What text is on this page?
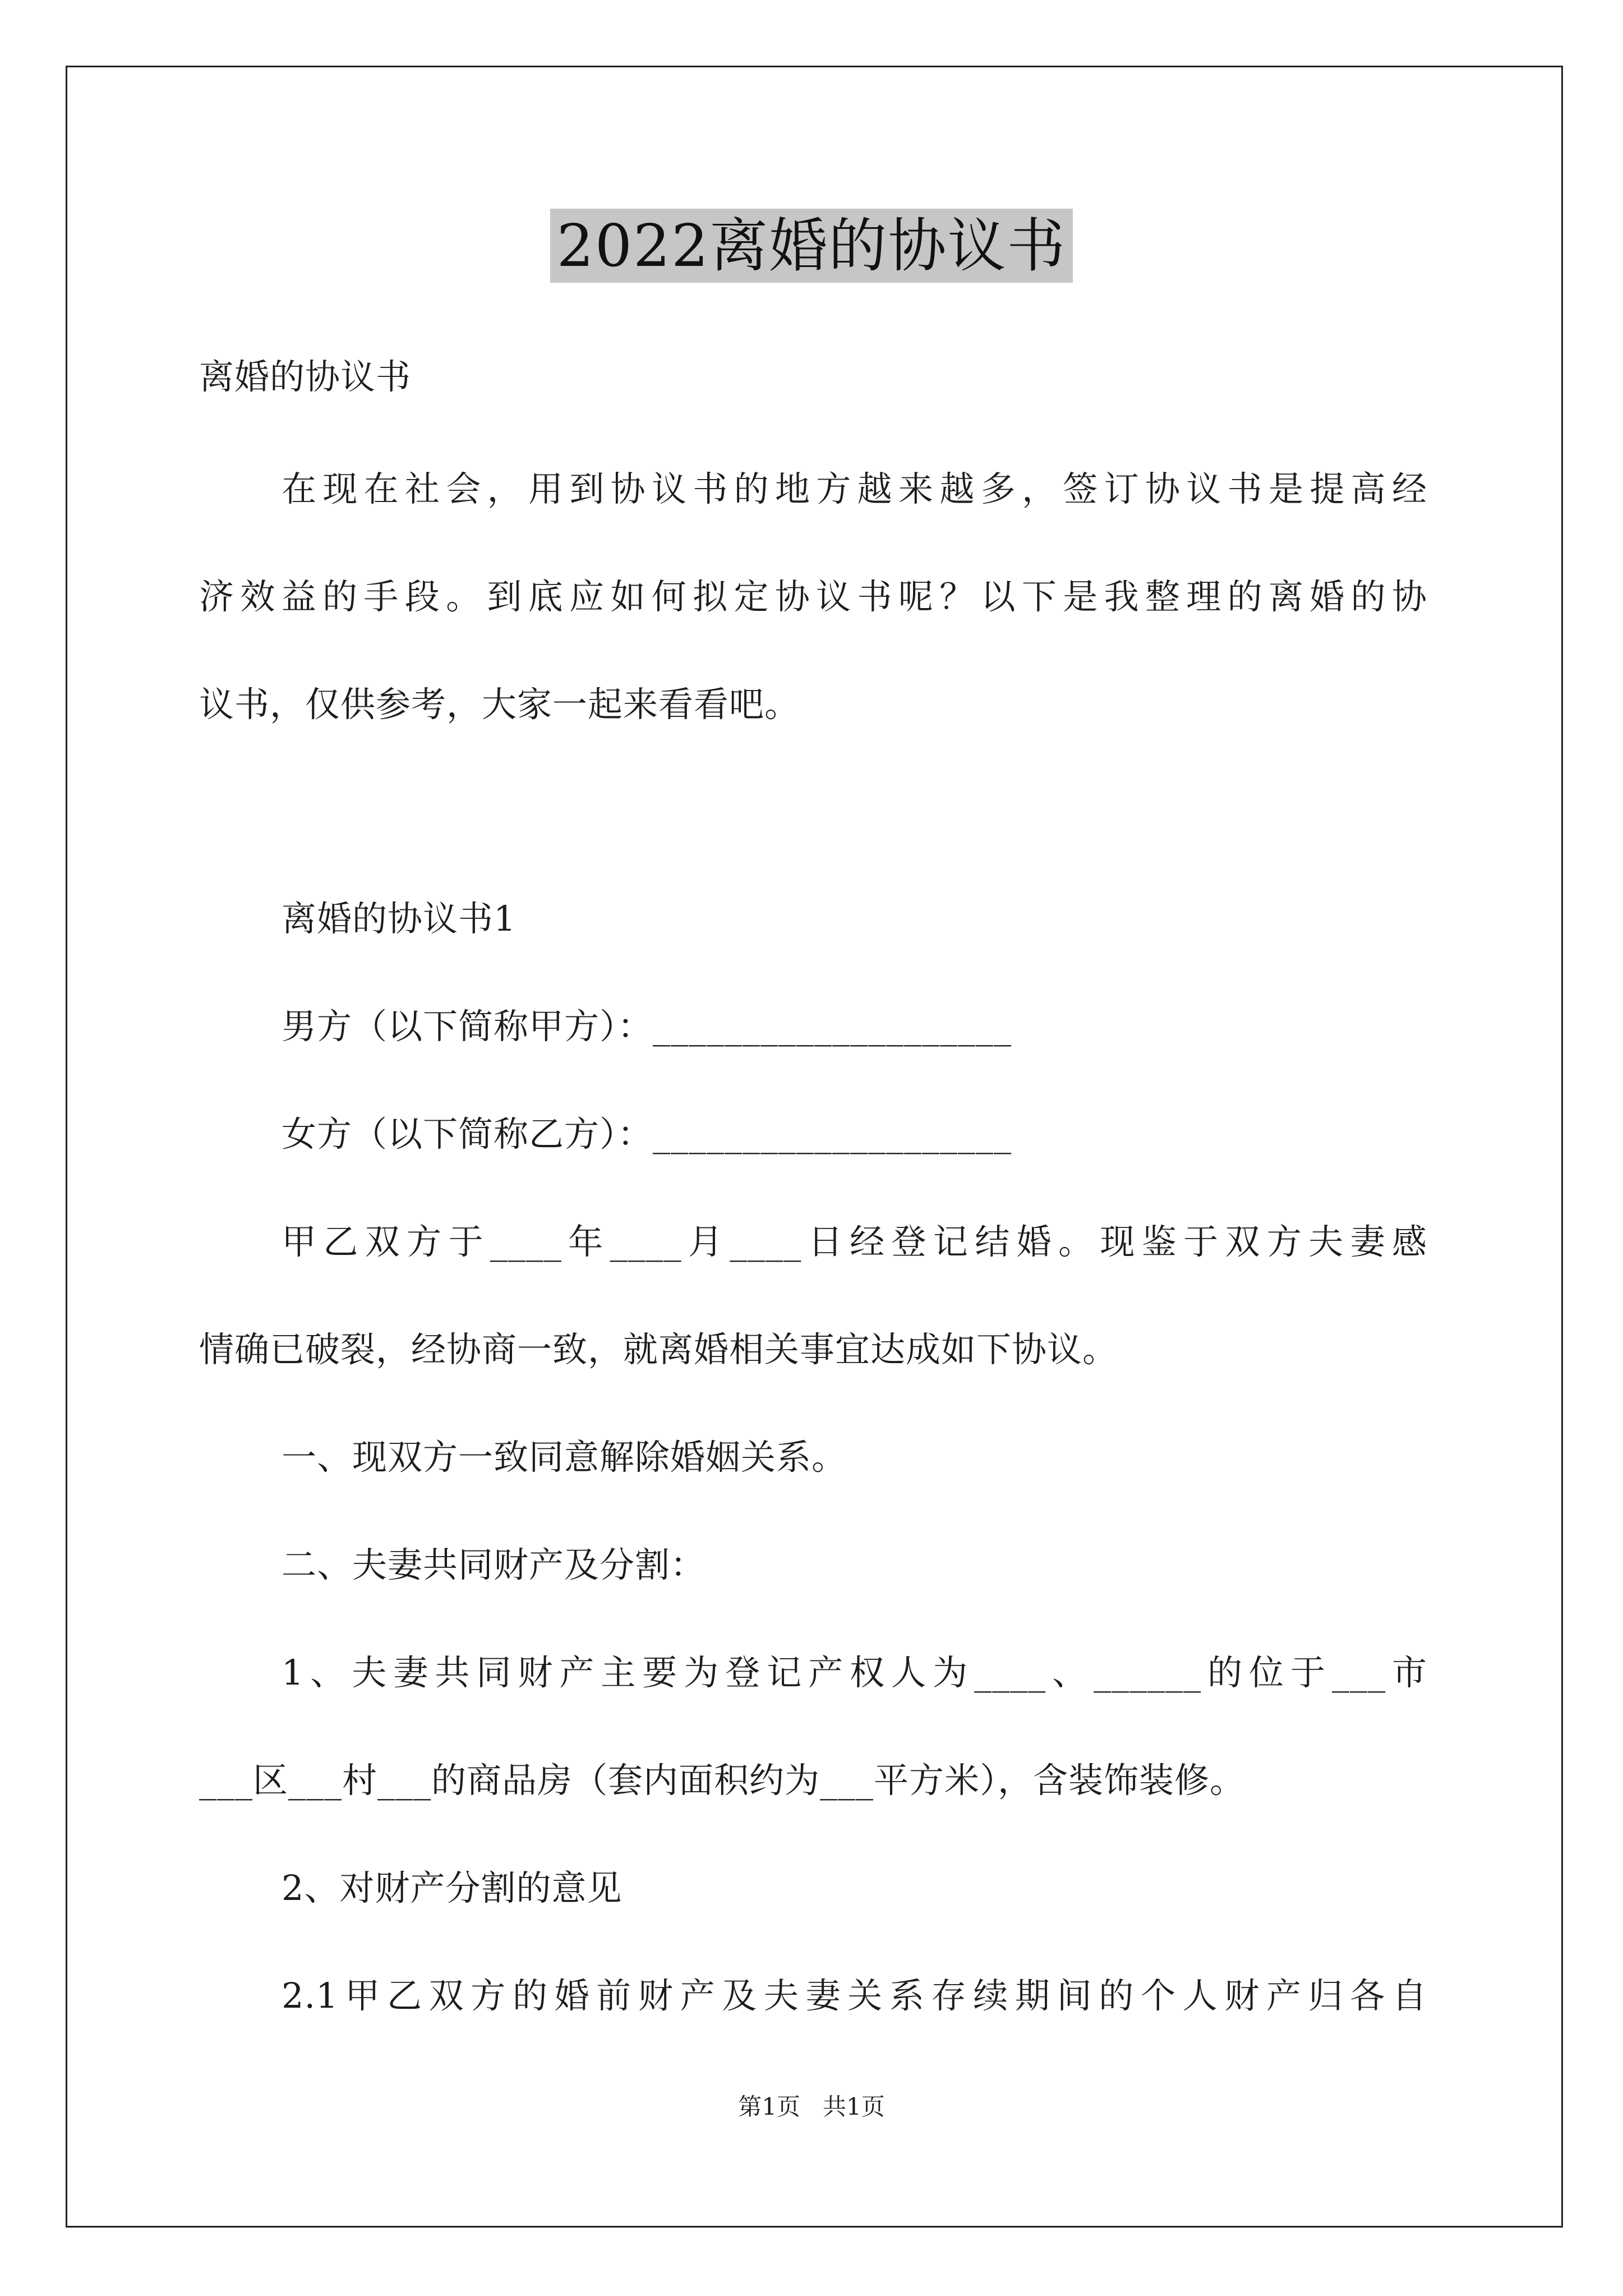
2022离婚的协议书
离婚的协议书
在现在社会，用到协议书的地方越来越多，签订协议书是提高经
济效益的手段。到底应如何拟定协议书呢？以下是我整理的离婚的协
议书，仅供参考，大家一起来看看吧。
离婚的协议书1
男方（以下简称甲方）：____________________
女方（以下简称乙方）：____________________
甲乙双方于____年____月____日经登记结婚。现鉴于双方夫妻感
情确已破裂，经协商一致，就离婚相关事宜达成如下协议。
一、现双方一致同意解除婚姻关系。
二、夫妻共同财产及分割：
1、夫妻共同财产主要为登记产权人为____、______的位于___市
___区___村___的商品房（套内面积约为___平方米），含装饰装修。
2、对财产分割的意见
2.1甲乙双方的婚前财产及夫妻关系存续期间的个人财产归各自
第1页   共1页
